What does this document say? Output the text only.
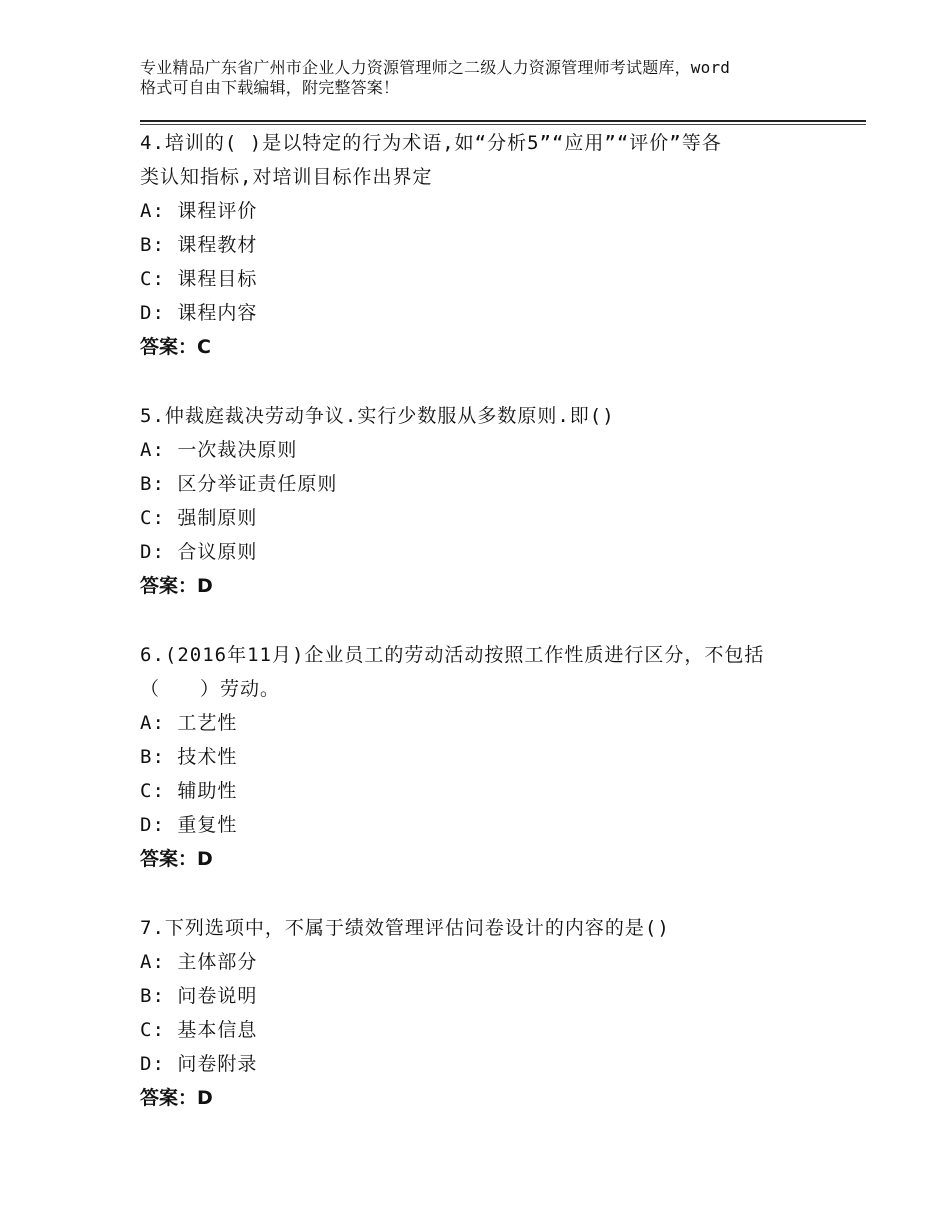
专业精品广东省广州市企业人力资源管理师之二级人力资源管理师考试题库，word
格式可自由下载编辑，附完整答案！
4.培训的( )是以特定的行为术语,如“分析5”“应用”“评价”等各
类认知指标,对培训目标作出界定
A: 课程评价
B: 课程教材
C: 课程目标
D: 课程内容
答案：C
5.仲裁庭裁决劳动争议.实行少数服从多数原则.即()
A: 一次裁决原则
B: 区分举证责任原则
C: 强制原则
D: 合议原则
答案：D
6.(2016年11月)企业员工的劳动活动按照工作性质进行区分，不包括
（　　）劳动。
A: 工艺性
B: 技术性
C: 辅助性
D: 重复性
答案：D
7.下列选项中，不属于绩效管理评估问卷设计的内容的是()
A: 主体部分
B: 问卷说明
C: 基本信息
D: 问卷附录
答案：D
